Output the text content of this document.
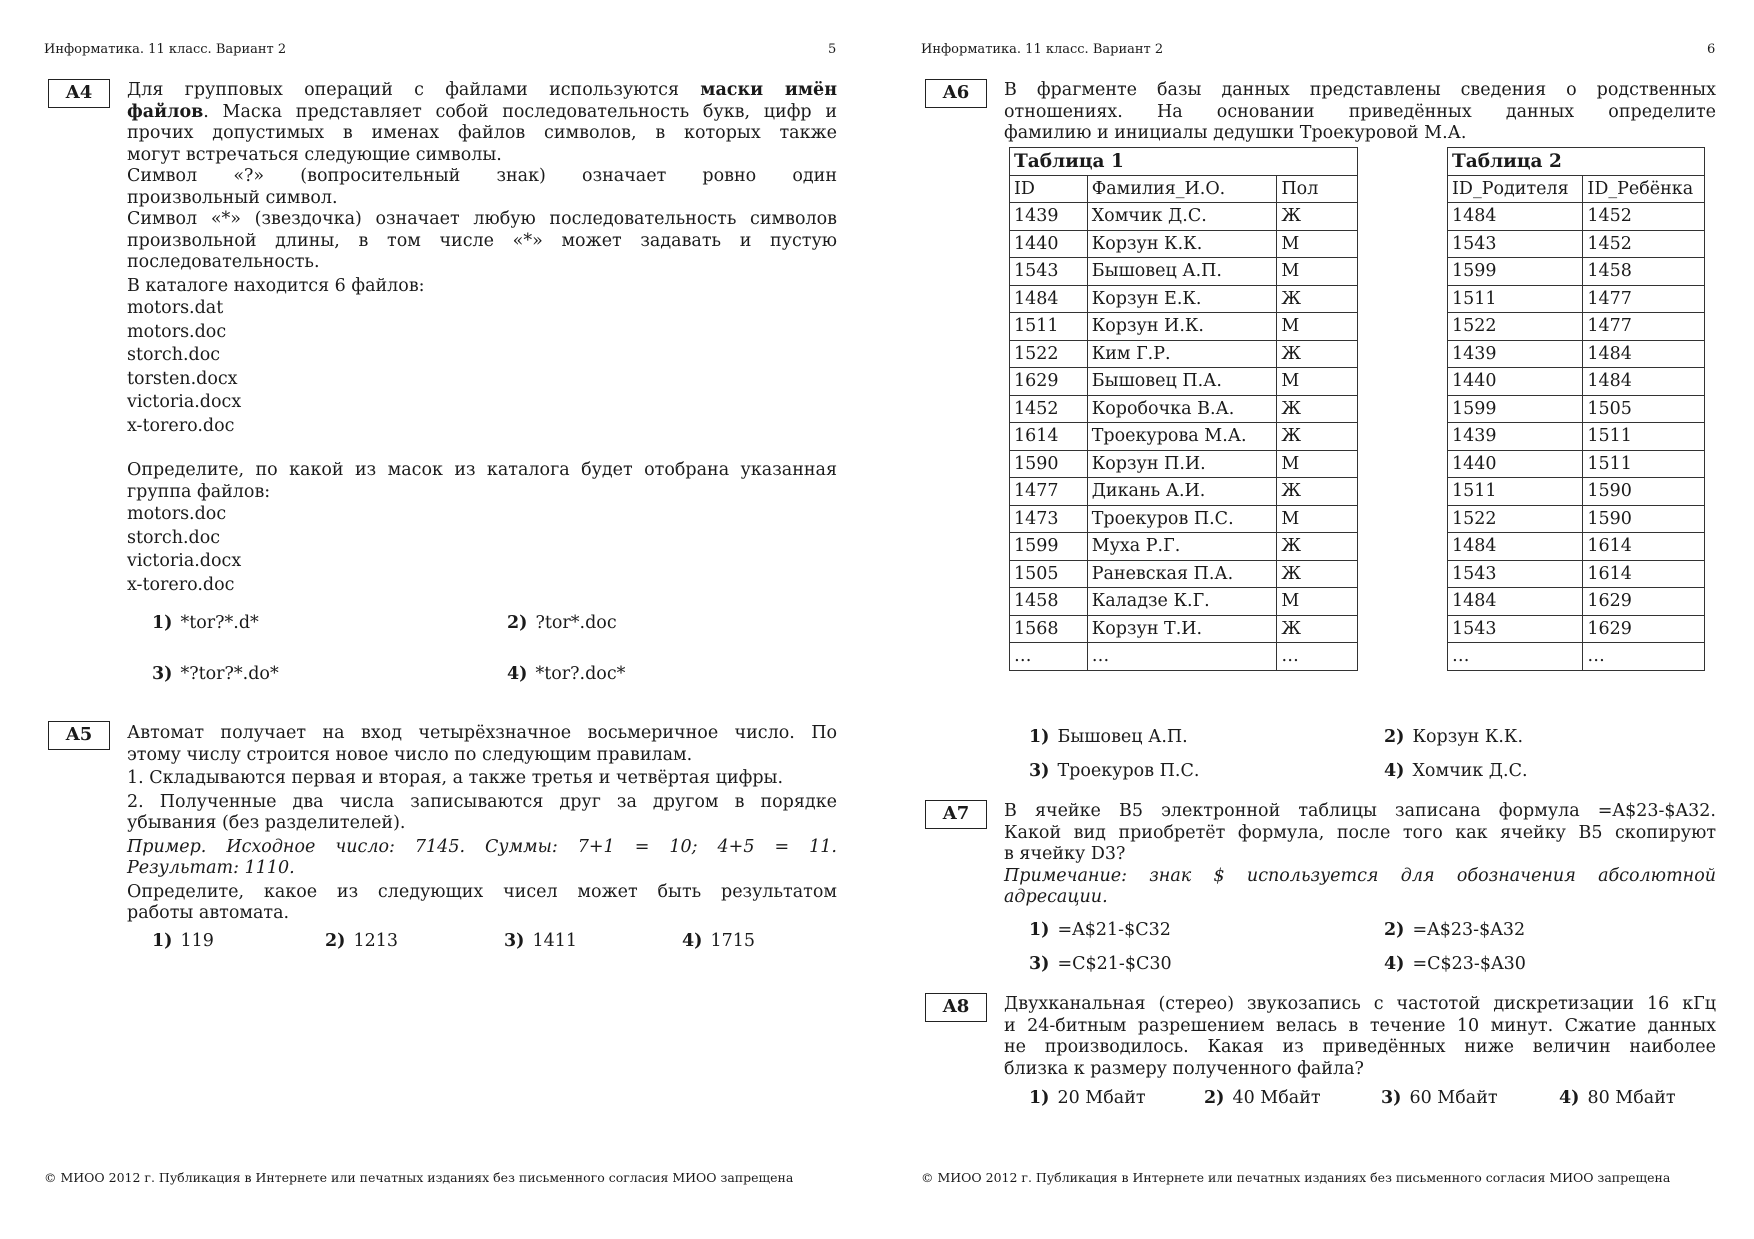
Информатика. 11 класс. Вариант 2	5
A4	Для групповых операций с файлами используются маски имён
файлов. Маска представляет собой последовательность букв, цифр и
прочих допустимых в именах файлов символов, в которых также
могут встречаться следующие символы.
Символ «?» (вопросительный знак) означает ровно один
произвольный символ.
Символ «*» (звездочка) означает любую последовательность символов
произвольной длины, в том числе «*» может задавать и пустую
последовательность.
В каталоге находится 6 файлов:
motors.dat
motors.doc
storch.doc
torsten.docx
victoria.docx
x-torero.doc
Определите, по какой из масок из каталога будет отобрана указанная
группа файлов:
motors.doc
storch.doc
victoria.docx
x-torero.doc
1) *tor?*.d*	2) ?tor*.doc
3) *?tor?*.do*	4) *tor?.doc*
A5	Автомат получает на вход четырёхзначное восьмеричное число. По
этому числу строится новое число по следующим правилам.
1. Складываются первая и вторая, а также третья и четвёртая цифры.
2. Полученные два числа записываются друг за другом в порядке
убывания (без разделителей).
Пример. Исходное число: 7145. Суммы: 7+1 = 10; 4+5 = 11.
Результат: 1110.
Определите, какое из следующих чисел может быть результатом
работы автомата.
1) 119	2) 1213	3) 1411	4) 1715
© МИОО 2012 г. Публикация в Интернете или печатных изданиях без письменного согласия МИОО запрещена
Информатика. 11 класс. Вариант 2	6
A6	В фрагменте базы данных представлены сведения о родственных
отношениях. На основании приведённых данных определите
фамилию и инициалы дедушки Троекуровой М.А.
Таблица 1		
ID	Фамилия_И.О.	Пол
1439	Хомчик Д.С.	Ж
1440	Корзун К.К.	М
1543	Бышовец А.П.	М
1484	Корзун Е.К.	Ж
1511	Корзун И.К.	М
1522	Ким Г.Р.	Ж
1629	Бышовец П.А.	М
1452	Коробочка В.А.	Ж
1614	Троекурова М.А.	Ж
1590	Корзун П.И.	М
1477	Дикань А.И.	Ж
1473	Троекуров П.С.	М
1599	Муха Р.Г.	Ж
1505	Раневская П.А.	Ж
1458	Каладзе К.Г.	М
1568	Корзун Т.И.	Ж
…	…	…
Таблица 2	
ID_Родителя	ID_Ребёнка
1484	1452
1543	1452
1599	1458
1511	1477
1522	1477
1439	1484
1440	1484
1599	1505
1439	1511
1440	1511
1511	1590
1522	1590
1484	1614
1543	1614
1484	1629
1543	1629
…	…
1) Бышовец А.П.	2) Корзун К.К.
3) Троекуров П.С.	4) Хомчик Д.С.
A7	В ячейке B5 электронной таблицы записана формула =A$23-$A32.
Какой вид приобретёт формула, после того как ячейку B5 скопируют
в ячейку D3?
Примечание: знак $ используется для обозначения абсолютной
адресации.
1) =A$21-$C32	2) =A$23-$A32
3) =C$21-$C30	4) =C$23-$A30
A8	Двухканальная (стерео) звукозапись с частотой дискретизации 16 кГц
и 24-битным разрешением велась в течение 10 минут. Сжатие данных
не производилось. Какая из приведённых ниже величин наиболее
близка к размеру полученного файла?
1) 20 Мбайт	2) 40 Мбайт	3) 60 Мбайт	4) 80 Мбайт
© МИОО 2012 г. Публикация в Интернете или печатных изданиях без письменного согласия МИОО запрещена
